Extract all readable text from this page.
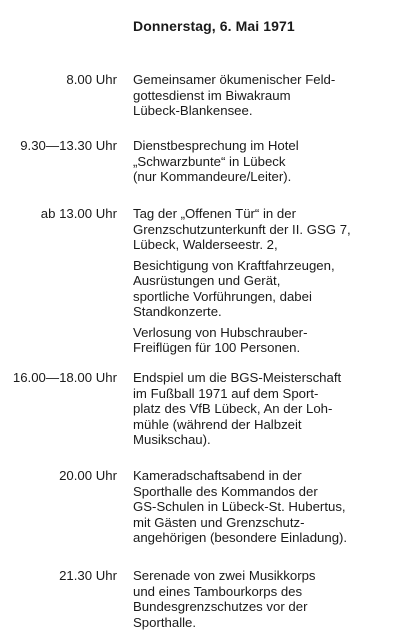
Donnerstag, 6. Mai 1971
8.00 Uhr Gemeinsamer ökumenischer Feld-
gottesdienst im Biwakraum
Lübeck-Blankensee.
9.30—13.30 Uhr Dienstbesprechung im Hotel
„Schwarzbunte“ in Lübeck
(nur Kommandeure/Leiter).
ab 13.00 Uhr Tag der „Offenen Tür“ in der
Grenzschutzunterkunft der II. GSG 7,
Lübeck, Walderseestr. 2,
Besichtigung von Kraftfahrzeugen,
Ausrüstungen und Gerät,
sportliche Vorführungen, dabei
Standkonzerte.
Verlosung von Hubschrauber-
Freiflügen für 100 Personen.
16.00—18.00 Uhr Endspiel um die BGS-Meisterschaft
im Fußball 1971 auf dem Sport-
platz des VfB Lübeck, An der Loh-
mühle (während der Halbzeit
Musikschau).
20.00 Uhr Kameradschaftsabend in der
Sporthalle des Kommandos der
GS-Schulen in Lübeck-St. Hubertus,
mit Gästen und Grenzschutz-
angehörigen (besondere Einladung).
21.30 Uhr Serenade von zwei Musikkorps
und eines Tambourkorps des
Bundesgrenzschutzes vor der
Sporthalle.
